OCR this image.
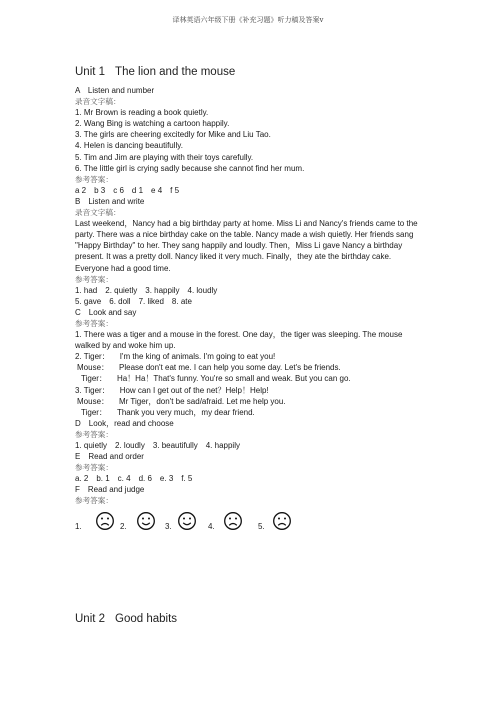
译林英语六年级下册《补充习题》听力稿及答案v
Unit 1 The lion and the mouse
A　Listen and number
录音文字稿：
1. Mr Brown is reading a book quietly.
2. Wang Bing is watching a cartoon happily.
3. The girls are cheering excitedly for Mike and Liu Tao.
4. Helen is dancing beautifully.
5. Tim and Jim are playing with their toys carefully.
6. The little girl is crying sadly because she cannot find her mum.
参考答案：
a 2　b 3　c 6　d 1　e 4　f 5
B　Listen and write
录音文字稿：
Last weekend，Nancy had a big birthday party at home. Miss Li and Nancy's friends came to the party. There was a nice birthday cake on the table. Nancy made a wish quietly. Her friends sang "Happy Birthday" to her. They sang happily and loudly. Then，Miss Li gave Nancy a birthday present. It was a pretty doll. Nancy liked it very much. Finally，they ate the birthday cake. Everyone had a good time.
参考答案：
1. had　2. quietly　3. happily　4. loudly
5. gave　6. doll　7. liked　8. ate
C　Look and say
参考答案：
1. There was a tiger and a mouse in the forest. One day，the tiger was sleeping. The mouse walked by and woke him up.
2. Tiger： I'm the king of animals. I'm going to eat you!
Mouse： Please don't eat me. I can help you some day. Let's be friends.
Tiger： Ha！Ha！That's funny. You're so small and weak. But you can go.
3. Tiger： How can I get out of the net？Help！Help!
Mouse： Mr Tiger，don't be sad/afraid. Let me help you.
Tiger： Thank you very much，my dear friend.
D　Look，read and choose
参考答案：
1. quietly　2. loudly　3. beautifully　4. happily
E　Read and order
参考答案：
a. 2　b. 1　c. 4　d. 6　e. 3　f. 5
F　Read and judge
参考答案：
1.	2.	3.	4.	5.
Unit 2 Good habits
